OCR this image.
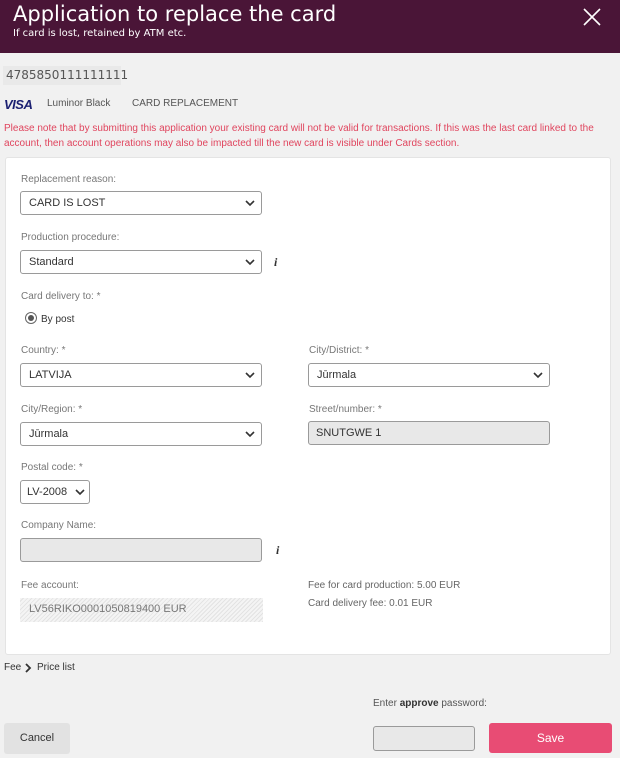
Application to replace the card
If card is lost, retained by ATM etc.
4785850111111111
VISA Luminor Black CARD REPLACEMENT
Please note that by submitting this application your existing card will not be valid for transactions. If this was the last card linked to the account, then account operations may also be impacted till the new card is visible under Cards section.
Replacement reason:
CARD IS LOST
Production procedure:
Standard	i
Card delivery to: *
By post
Country: *
LATVIJA
City/District: *
Jūrmala
City/Region: *
Jūrmala
Street/number: *
SNUTGWE 1
Postal code: *
LV-2008
Company Name:
i
Fee account:
LV56RIKO0001050819400 EUR
Fee for card production: 5.00 EUR
Card delivery fee: 0.01 EUR
Fee Price list
Enter approve password:
Cancel	Save
